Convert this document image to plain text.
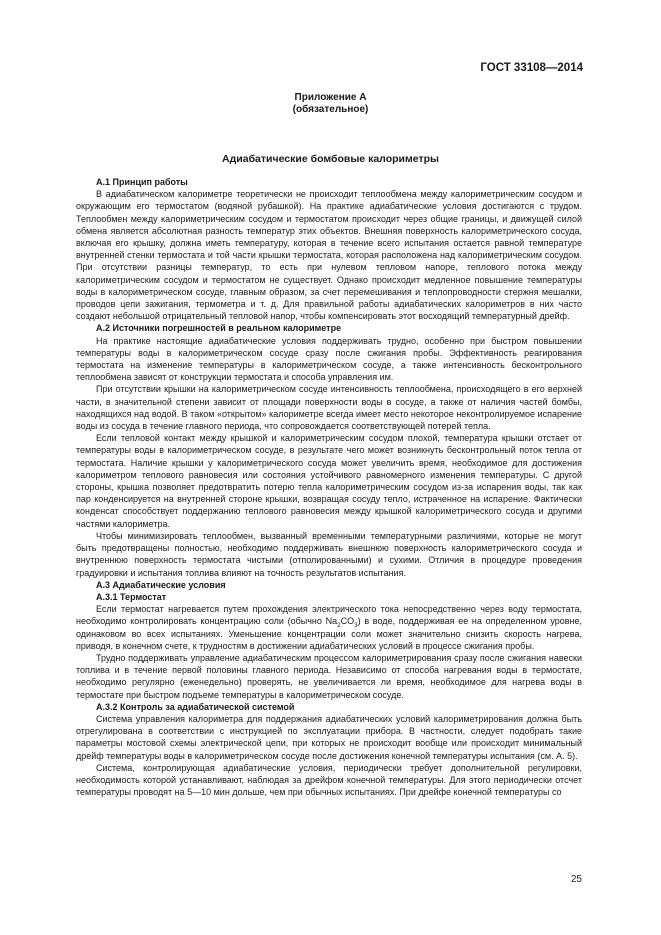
ГОСТ 33108—2014
Приложение А
(обязательное)
Адиабатические бомбовые калориметры

А.1 Принцип работы

В адиабатическом калориметре теоретически не происходит теплообмена между калориметрическим сосудом и окружающим его термостатом (водяной рубашкой). На практике адиабатические условия достигаются с трудом. Теплообмен между калориметрическим сосудом и термостатом происходит через общие границы, и движущей силой обмена является абсолютная разность температур этих объектов. Внешняя поверхность калориметрического сосуда, включая его крышку, должна иметь температуру, которая в течение всего испытания остается равной температуре внутренней стенки термостата и той части крышки термостата, которая расположена над калориметрическим сосудом. При отсутствии разницы температур, то есть при нулевом тепловом напоре, теплового потока между калориметрическим сосудом и термостатом не существует. Однако происходит медленное повышение температуры воды в калориметрическом сосуде, главным образом, за счет перемешивания и теплопроводности стержня мешалки, проводов цепи зажигания, термометра и т. д. Для правильной работы адиабатических калориметров в них часто создают небольшой отрицательный тепловой напор, чтобы компенсировать этот восходящий температурный дрейф.

А.2 Источники погрешностей в реальном калориметре

На практике настоящие адиабатические условия поддерживать трудно, особенно при быстром повышении температуры воды в калориметрическом сосуде сразу после сжигания пробы. Эффективность реагирования термостата на изменение температуры в калориметрическом сосуде, а также интенсивность бесконтрольного теплообмена зависят от конструкции термостата и способа управления им.

При отсутствии крышки на калориметрическом сосуде интенсивность теплообмена, происходящего в его верхней части, в значительной степени зависит от площади поверхности воды в сосуде, а также от наличия частей бомбы, находящихся над водой. В таком «открытом» калориметре всегда имеет место некоторое неконтролируемое испарение воды из сосуда в течение главного периода, что сопровождается соответствующей потерей тепла.

Если тепловой контакт между крышкой и калориметрическим сосудом плохой, температура крышки отстает от температуры воды в калориметрическом сосуде, в результате чего может возникнуть бесконтрольный поток тепла от термостата. Наличие крышки у калориметрического сосуда может увеличить время, необходимое для достижения калориметром теплового равновесия или состояния устойчивого равномерного изменения температуры. С другой стороны, крышка позволяет предотвратить потерю тепла калориметрическим сосудом из-за испарения воды, так как пар конденсируется на внутренней стороне крышки, возвращая сосуду тепло, истраченное на испарение. Фактически конденсат способствует поддержанию теплового равновесия между крышкой калориметрического сосуда и другими частями калориметра.

Чтобы минимизировать теплообмен, вызванный временными температурными различиями, которые не могут быть предотвращены полностью, необходимо поддерживать внешнюю поверхность калориметрического сосуда и внутреннюю поверхность термостата чистыми (отполированными) и сухими. Отличия в процедуре проведения градуировки и испытания топлива влияют на точность результатов испытания.

А.3 Адиабатические условия

А.3.1 Термостат

Если термостат нагревается путем прохождения электрического тока непосредственно через воду термостата, необходимо контролировать концентрацию соли (обычно $Na_2CO_3$) в воде, поддерживая ее на определенном уровне, одинаковом во всех испытаниях. Уменьшение концентрации соли может значительно снизить скорость нагрева, приводя, в конечном счете, к трудностям в достижении адиабатических условий в процессе сжигания пробы.

Трудно поддерживать управление адиабатическим процессом калориметрирования сразу после сжигания навески топлива и в течение первой половины главного периода. Независимо от способа нагревания воды в термостате, необходимо регулярно (еженедельно) проверять, не увеличивается ли время, необходимое для нагрева воды в термостате при быстром подъеме температуры в калориметрическом сосуде.

А.3.2 Контроль за адиабатической системой

Система управления калориметра для поддержания адиабатических условий калориметрирования должна быть отрегулирована в соответствии с инструкцией по эксплуатации прибора. В частности, следует подобрать такие параметры мостовой схемы электрической цепи, при которых не происходит вообще или происходит минимальный дрейф температуры воды в калориметрическом сосуде после достижения конечной температуры испытания (см. А. 5).

Система, контролирующая адиабатические условия, периодически требует дополнительной регулировки, необходимость которой устанавливают, наблюдая за дрейфом конечной температуры. Для этого периодически отсчет температуры проводят на 5—10 мин дольше, чем при обычных испытаниях. При дрейфе конечной температуры со

25
